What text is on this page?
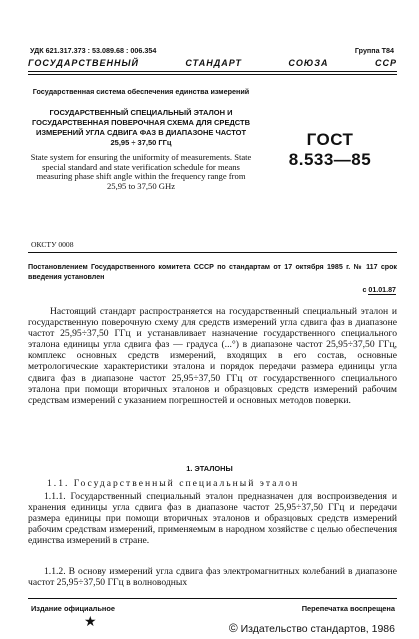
УДК 621.317.373 : 53.089.68 : 006.354	Группа Т84
ГОСУДАРСТВЕННЫЙ СТАНДАРТ СОЮЗА ССР
Государственная система обеспечения единства измерений
ГОСУДАРСТВЕННЫЙ СПЕЦИАЛЬНЫЙ ЭТАЛОН И ГОСУДАРСТВЕННАЯ ПОВЕРОЧНАЯ СХЕМА ДЛЯ СРЕДСТВ ИЗМЕРЕНИЙ УГЛА СДВИГА ФАЗ В ДИАПАЗОНЕ ЧАСТОТ 25,95 ÷ 37,50 ГГц
State system for ensuring the uniformity of measurements. State special standard and state verification schedule for means measuring phase shift angle within the frequency range from 25,95 to 37,50 GHz
ГОСТ
8.533—85
ОКСТУ 0008
Постановлением Государственного комитета СССР по стандартам от 17 октября 1985 г. № 117 срок введения установлен
с 01.01.87
Настоящий стандарт распространяется на государственный специальный эталон и государственную поверочную схему для средств измерений угла сдвига фаз в диапазоне частот 25,95÷37,50 ГГц и устанавливает назначение государственного специального эталона единицы угла сдвига фаз — градуса (...°) в диапазоне частот 25,95÷37,50 ГГц, комплекс основных средств измерений, входящих в его состав, основные метрологические характеристики эталона и порядок передачи размера единицы угла сдвига фаз в диапазоне частот 25,95÷37,50 ГГц от государственного специального эталона при помощи вторичных эталонов и образцовых средств измерений рабочим средствам измерений с указанием погрешностей и основных методов поверки.
1. ЭТАЛОНЫ
1.1. Государственный специальный эталон
1.1.1. Государственный специальный эталон предназначен для воспроизведения и хранения единицы угла сдвига фаз в диапазоне частот 25,95÷37,50 ГГц и передачи размера единицы при помощи вторичных эталонов и образцовых средств измерений рабочим средствам измерений, применяемым в народном хозяйстве с целью обеспечения единства измерений в стране.
1.1.2. В основу измерений угла сдвига фаз электромагнитных колебаний в диапазоне частот 25,95÷37,50 ГГц в волноводных
Издание официальное	Перепечатка воспрещена
★	© Издательство стандартов, 1986
